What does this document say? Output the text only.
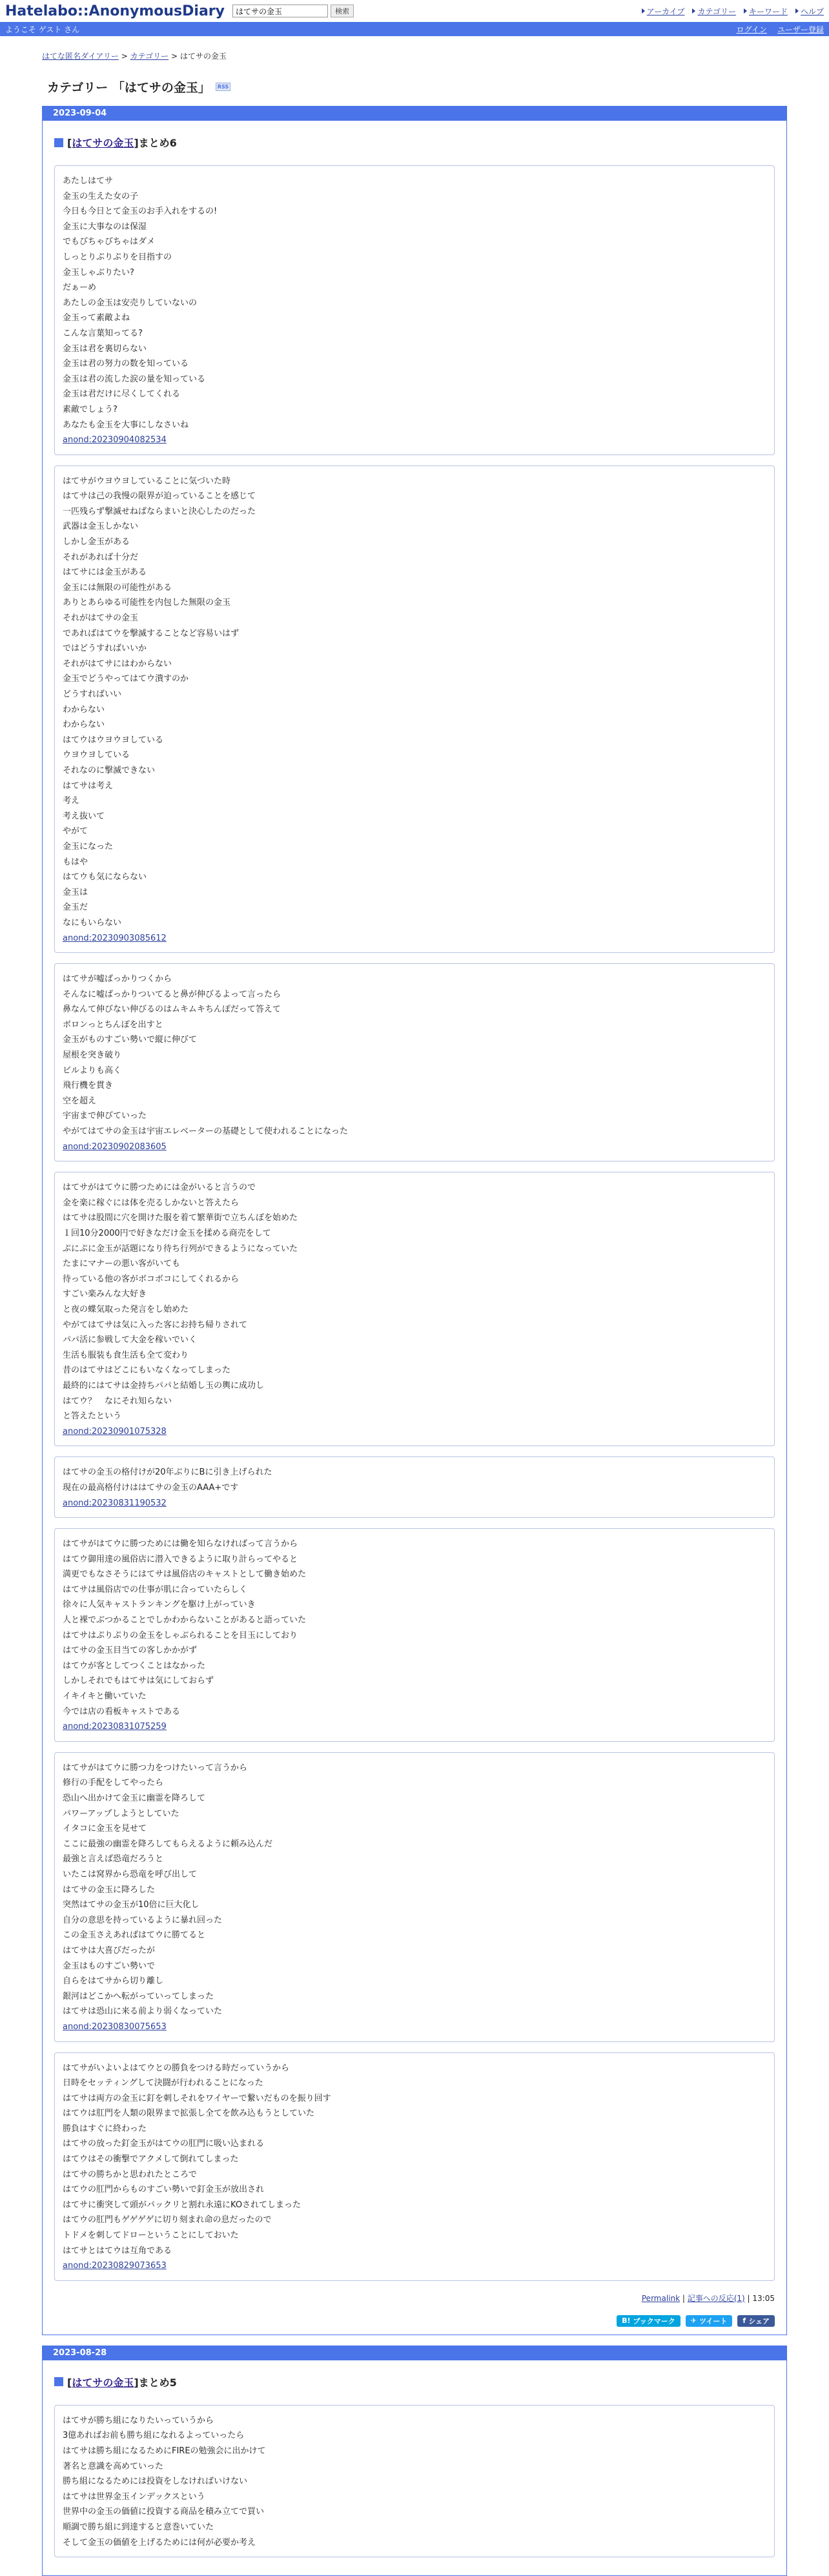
Hatelabo::AnonymousDiary
はてサの金玉	検索	アーカイブ カテゴリー キーワード ヘルプ
ようこそ ゲスト さん	ログイン ユーザー登録
はてな匿名ダイアリー > カテゴリー > はてサの金玉
カテゴリー 「はてサの金玉」	RSS
2023-09-04
[はてサの金玉]まとめ6

あたしはてサ

金玉の生えた女の子

今日も今日とて金玉のお手入れをするの!

金玉に大事なのは保湿

でもびちゃびちゃはダメ

しっとりぷりぷりを目指すの

金玉しゃぶりたい?

だぁーめ

あたしの金玉は安売りしていないの

金玉って素敵よね

こんな言葉知ってる?

金玉は君を裏切らない

金玉は君の努力の数を知っている

金玉は君の流した涙の量を知っている

金玉は君だけに尽くしてくれる

素敵でしょう?

あなたも金玉を大事にしなさいね

anond:20230904082534

はてサがウヨウヨしていることに気づいた時

はてサは己の我慢の限界が迫っていることを感じて

一匹残らず撃滅せねばならまいと決心したのだった

武器は金玉しかない

しかし金玉がある

それがあれば十分だ

はてサには金玉がある

金玉には無限の可能性がある

ありとあらゆる可能性を内包した無限の金玉

それがはてサの金玉

であればはてウを撃滅することなど容易いはず

ではどうすればいいか

それがはてサにはわからない

金玉でどうやってはてウ潰すのか

どうすればいい

わからない

わからない

はてウはウヨウヨしている

ウヨウヨしている

それなのに撃滅できない

はてサは考え

考え

考え抜いて

やがて

金玉になった

もはや

はてウも気にならない

金玉は

金玉だ

なにもいらない

anond:20230903085612

はてサが嘘ばっかりつくから

そんなに嘘ばっかりついてると鼻が伸びるよって言ったら

鼻なんて伸びない伸びるのはムキムキちんぽだって答えて

ボロンっとちんぽを出すと

金玉がものすごい勢いで縦に伸びて

屋根を突き破り

ビルよりも高く

飛行機を貫き

空を超え

宇宙まで伸びていった

やがてはてサの金玉は宇宙エレベーターの基礎として使われることになった

anond:20230902083605

はてサがはてウに勝つためには金がいると言うので

金を楽に稼ぐには体を売るしかないと答えたら

はてサは股間に穴を開けた服を着て繁華街で立ちんぼを始めた

１回10分2000円で好きなだけ金玉を揉める商売をして

ぷにぷに金玉が話題になり待ち行列ができるようになっていた

たまにマナーの悪い客がいても

待っている他の客がボコボコにしてくれるから

すごい楽みんな大好き

と夜の蝶気取った発言をし始めた

やがてはてサは気に入った客にお持ち帰りされて

パパ活に参戦して大金を稼いでいく

生活も服装も食生活も全て変わり

昔のはてサはどこにもいなくなってしまった

最終的にはてサは金持ちパパと結婚し玉の輿に成功し

はてウ？　なにそれ知らない

と答えたという

anond:20230901075328

はてサの金玉の格付けが20年ぶりにBに引き上げられた

現在の最高格付けははてサの金玉のAAA+です

anond:20230831190532

はてサがはてウに勝つためには働を知らなければって言うから

はてウ御用達の風俗店に潜入できるように取り計らってやると

満更でもなさそうにはてサは風俗店のキャストとして働き始めた

はてサは風俗店での仕事が肌に合っていたらしく

徐々に人気キャストランキングを駆け上がっていき

人と裸でぶつかることでしかわからないことがあると語っていた

はてサはぷりぷりの金玉をしゃぶられることを目玉にしており

はてサの金玉目当ての客しかかがず

はてウが客としてつくことはなかった

しかしそれでもはてサは気にしておらず

イキイキと働いていた

今では店の看板キャストである

anond:20230831075259

はてサがはてウに勝つ力をつけたいって言うから

修行の手配をしてやったら

恐山へ出かけて金玉に幽霊を降ろして

パワーアップしようとしていた

イタコに金玉を見せて

ここに最強の幽霊を降ろしてもらえるように頼み込んだ

最強と言えば恐竜だろうと

いたこは窝界から恐竜を呼び出して

はてサの金玉に降ろした

突然はてサの金玉が10倍に巨大化し

自分の意思を持っているように暴れ回った

この金玉さえあればはてウに勝てると

はてサは大喜びだったが

金玉はものすごい勢いで

自らをはてサから切り離し

銀河はどこかへ転がっていってしまった

はてサは恐山に来る前より弱くなっていた

anond:20230830075653

はてサがいよいよはてウとの勝負をつける時だっていうから

日時をセッティングして決闘が行われることになった

はてサは両方の金玉に釘を刺しそれをワイヤーで繋いだものを振り回す

はてウは肛門を人類の限界まで拡張し全てを飲み込もうとしていた

勝負はすぐに終わった

はてサの放った釘金玉がはてウの肛門に吸い込まれる

はてウはその衝撃でアクメして倒れてしまった

はてサの勝ちかと思われたところで

はてウの肛門からものすごい勢いで釘金玉が放出され

はてサに衝突して頭がパックリと割れ永遠にKOされてしまった

はてウの肛門もゲゲゲゲに切り刻まれ命の息だったので

トドメを刺してドローということにしておいた

はてサとはてウは互角である

anond:20230829073653
Permalink | 記事への反応(1) | 13:05
B! ブックマーク ✈ ツイート f シェア
2023-08-28
[はてサの金玉]まとめ5

はてサが勝ち組になりたいっていうから

3億あればお前も勝ち組になれるよっていったら

はてサは勝ち組になるためにFIREの勉強会に出かけて

著名と意識を高めていった

勝ち組になるためには投資をしなければいけない

はてサは世界金玉インデックスという

世界中の金玉の価値に投資する商品を積み立てで買い

順調で勝ち組に到達すると意巻いていた

そして金玉の価値を上げるためには何が必要か考え
